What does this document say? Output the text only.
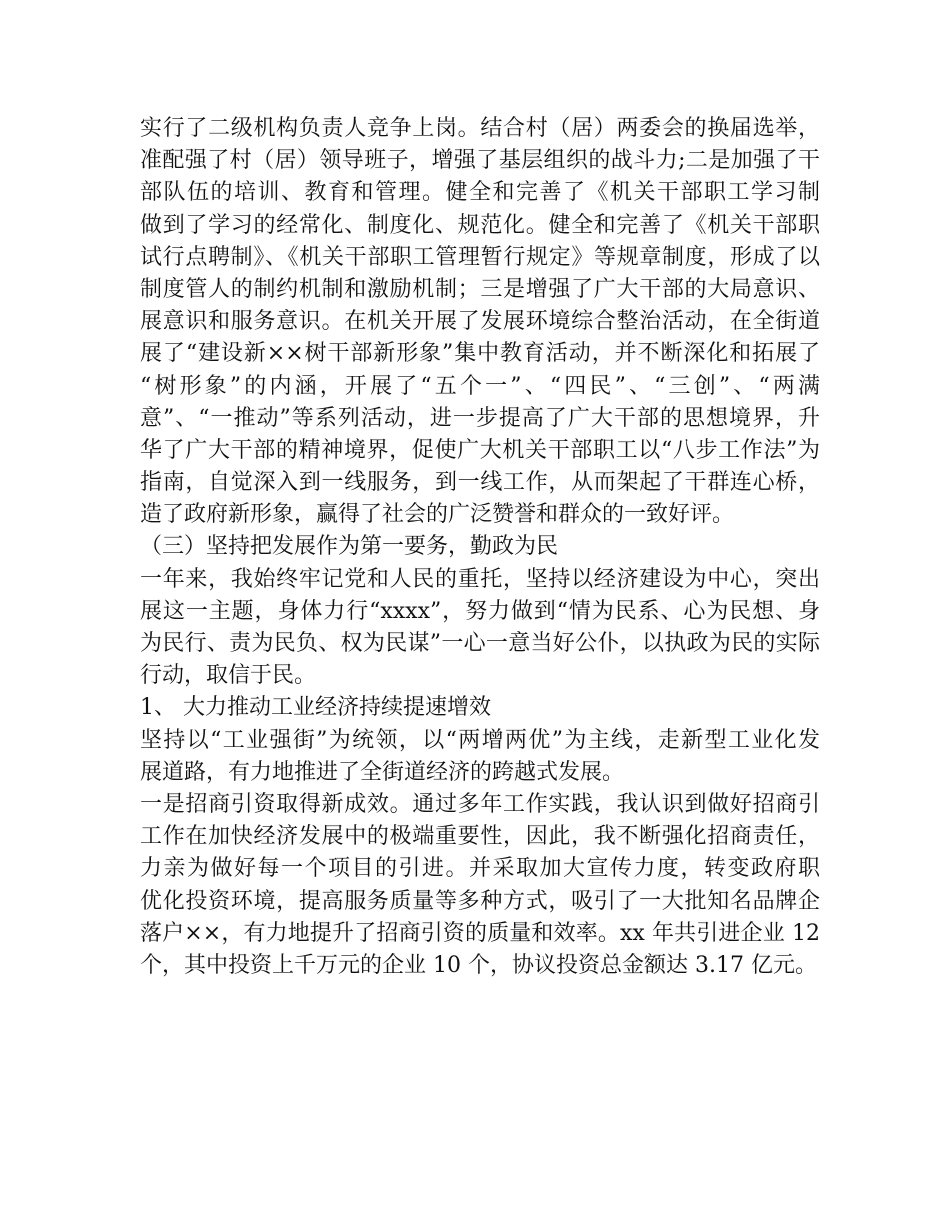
实行了二级机构负责人竞争上岗。结合村（居）两委会的换届选举，
准配强了村（居）领导班子，增强了基层组织的战斗力;二是加强了干
部队伍的培训、教育和管理。健全和完善了《机关干部职工学习制
做到了学习的经常化、制度化、规范化。健全和完善了《机关干部职
试行点聘制》、《机关干部职工管理暂行规定》等规章制度，形成了以
制度管人的制约机制和激励机制；三是增强了广大干部的大局意识、
展意识和服务意识。在机关开展了发展环境综合整治活动，在全街道
展了“建设新××树干部新形象”集中教育活动，并不断深化和拓展了
“树形象”的内涵，开展了“五个一”、“四民”、“三创”、“两满
意”、“一推动”等系列活动，进一步提高了广大干部的思想境界，升
华了广大干部的精神境界，促使广大机关干部职工以“八步工作法”为
指南，自觉深入到一线服务，到一线工作，从而架起了干群连心桥，
造了政府新形象，赢得了社会的广泛赞誉和群众的一致好评。
（三）坚持把发展作为第一要务，勤政为民
一年来，我始终牢记党和人民的重托，坚持以经济建设为中心，突出
展这一主题，身体力行“xxxx”，努力做到“情为民系、心为民想、身
为民行、责为民负、权为民谋”一心一意当好公仆，以执政为民的实际
行动，取信于民。
1、 大力推动工业经济持续提速增效
坚持以“工业强街”为统领，以“两增两优”为主线，走新型工业化发
展道路，有力地推进了全街道经济的跨越式发展。
一是招商引资取得新成效。通过多年工作实践，我认识到做好招商引
工作在加快经济发展中的极端重要性，因此，我不断强化招商责任，
力亲为做好每一个项目的引进。并采取加大宣传力度，转变政府职
优化投资环境，提高服务质量等多种方式，吸引了一大批知名品牌企
落户××，有力地提升了招商引资的质量和效率。xx 年共引进企业 12
个，其中投资上千万元的企业 10 个，协议投资总金额达 3.17 亿元。
